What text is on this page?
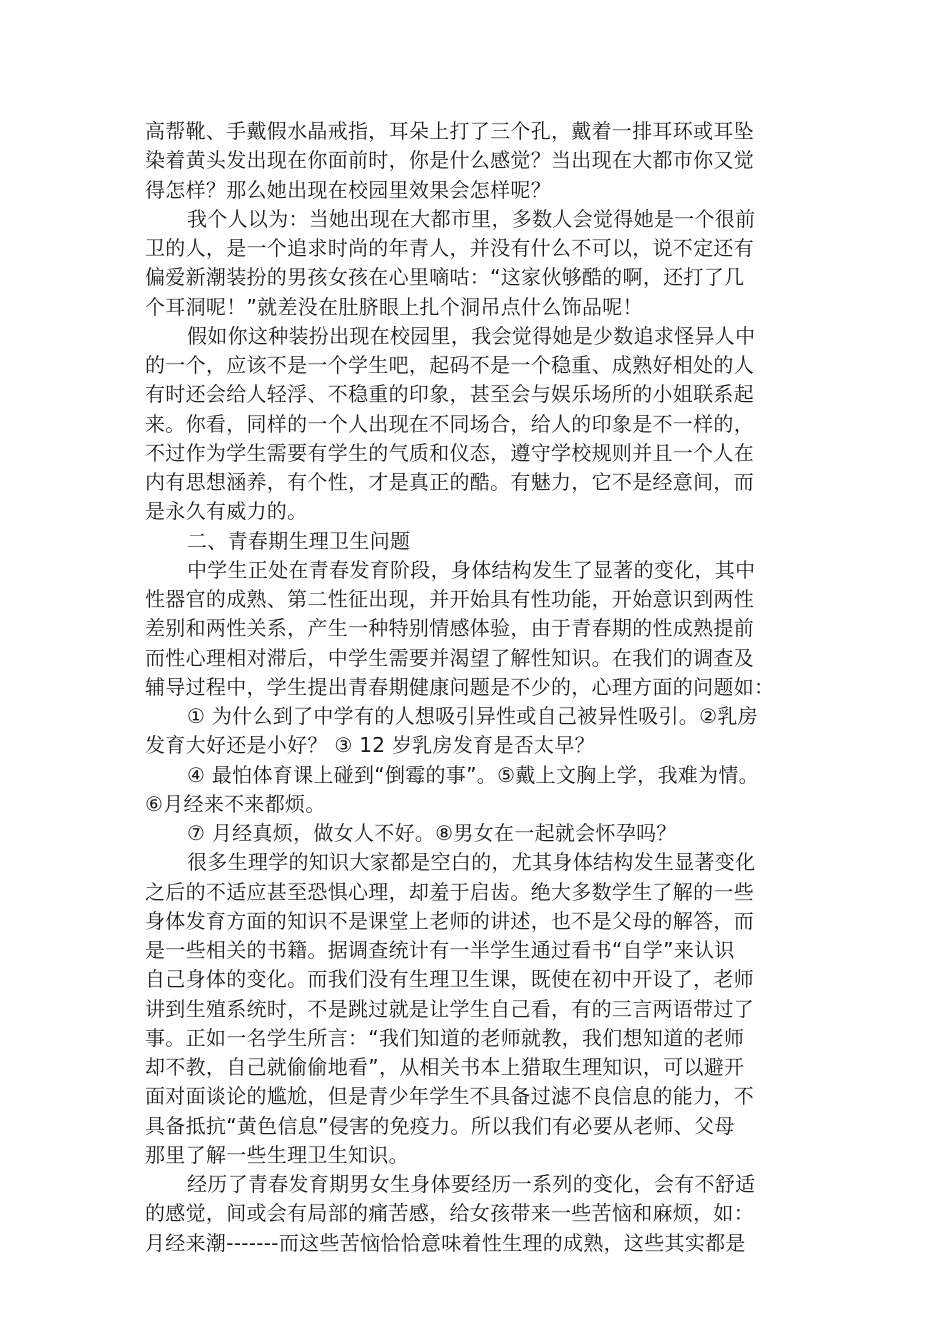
高帮靴、手戴假水晶戒指，耳朵上打了三个孔，戴着一排耳环或耳坠
染着黄头发出现在你面前时，你是什么感觉？当出现在大都市你又觉
得怎样？那么她出现在校园里效果会怎样呢？
我个人以为：当她出现在大都市里，多数人会觉得她是一个很前
卫的人，是一个追求时尚的年青人，并没有什么不可以，说不定还有
偏爱新潮装扮的男孩女孩在心里嘀咕：“这家伙够酷的啊，还打了几
个耳洞呢！”就差没在肚脐眼上扎个洞吊点什么饰品呢！
假如你这种装扮出现在校园里，我会觉得她是少数追求怪异人中
的一个，应该不是一个学生吧，起码不是一个稳重、成熟好相处的人
有时还会给人轻浮、不稳重的印象，甚至会与娱乐场所的小姐联系起
来。你看，同样的一个人出现在不同场合，给人的印象是不一样的，
不过作为学生需要有学生的气质和仪态，遵守学校规则并且一个人在
内有思想涵养，有个性，才是真正的酷。有魅力，它不是经意间，而
是永久有威力的。
二、青春期生理卫生问题
中学生正处在青春发育阶段，身体结构发生了显著的变化，其中
性器官的成熟、第二性征出现，并开始具有性功能，开始意识到两性
差别和两性关系，产生一种特别情感体验，由于青春期的性成熟提前
而性心理相对滞后，中学生需要并渴望了解性知识。在我们的调查及
辅导过程中，学生提出青春期健康问题是不少的，心理方面的问题如：
① 为什么到了中学有的人想吸引异性或自己被异性吸引。②乳房
发育大好还是小好？ ③ 12 岁乳房发育是否太早？
④ 最怕体育课上碰到“倒霉的事”。⑤戴上文胸上学，我难为情。
⑥月经来不来都烦。
⑦ 月经真烦，做女人不好。⑧男女在一起就会怀孕吗？
很多生理学的知识大家都是空白的，尤其身体结构发生显著变化
之后的不适应甚至恐惧心理，却羞于启齿。绝大多数学生了解的一些
身体发育方面的知识不是课堂上老师的讲述，也不是父母的解答，而
是一些相关的书籍。据调查统计有一半学生通过看书“自学”来认识
自己身体的变化。而我们没有生理卫生课，既使在初中开设了，老师
讲到生殖系统时，不是跳过就是让学生自己看，有的三言两语带过了
事。正如一名学生所言：“我们知道的老师就教，我们想知道的老师
却不教，自己就偷偷地看”，从相关书本上猎取生理知识，可以避开
面对面谈论的尴尬，但是青少年学生不具备过滤不良信息的能力，不
具备抵抗“黄色信息”侵害的免疫力。所以我们有必要从老师、父母
那里了解一些生理卫生知识。
经历了青春发育期男女生身体要经历一系列的变化，会有不舒适
的感觉，间或会有局部的痛苦感，给女孩带来一些苦恼和麻烦，如：
月经来潮-------而这些苦恼恰恰意味着性生理的成熟，这些其实都是
